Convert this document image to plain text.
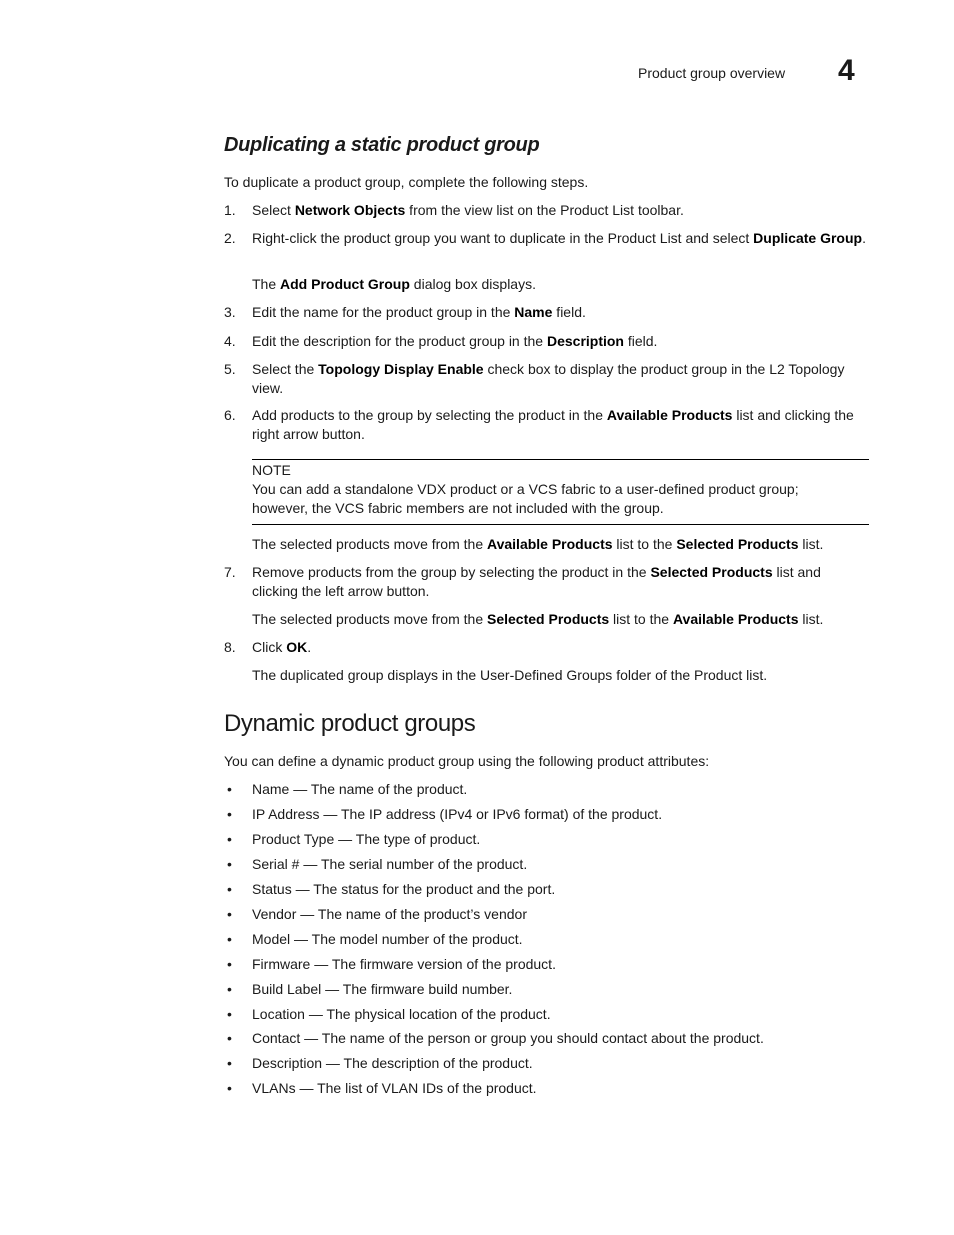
Product group overview 4
Duplicating a static product group
To duplicate a product group, complete the following steps.
1. Select Network Objects from the view list on the Product List toolbar.
2. Right-click the product group you want to duplicate in the Product List and select Duplicate Group.
The Add Product Group dialog box displays.
3. Edit the name for the product group in the Name field.
4. Edit the description for the product group in the Description field.
5. Select the Topology Display Enable check box to display the product group in the L2 Topology view.
6. Add products to the group by selecting the product in the Available Products list and clicking the right arrow button.
NOTE
You can add a standalone VDX product or a VCS fabric to a user-defined product group; however, the VCS fabric members are not included with the group.
The selected products move from the Available Products list to the Selected Products list.
7. Remove products from the group by selecting the product in the Selected Products list and clicking the left arrow button.
The selected products move from the Selected Products list to the Available Products list.
8. Click OK.
The duplicated group displays in the User-Defined Groups folder of the Product list.
Dynamic product groups
You can define a dynamic product group using the following product attributes:
• Name — The name of the product.
• IP Address — The IP address (IPv4 or IPv6 format) of the product.
• Product Type — The type of product.
• Serial # — The serial number of the product.
• Status — The status for the product and the port.
• Vendor — The name of the product’s vendor
• Model — The model number of the product.
• Firmware — The firmware version of the product.
• Build Label — The firmware build number.
• Location — The physical location of the product.
• Contact — The name of the person or group you should contact about the product.
• Description — The description of the product.
• VLANs — The list of VLAN IDs of the product.
